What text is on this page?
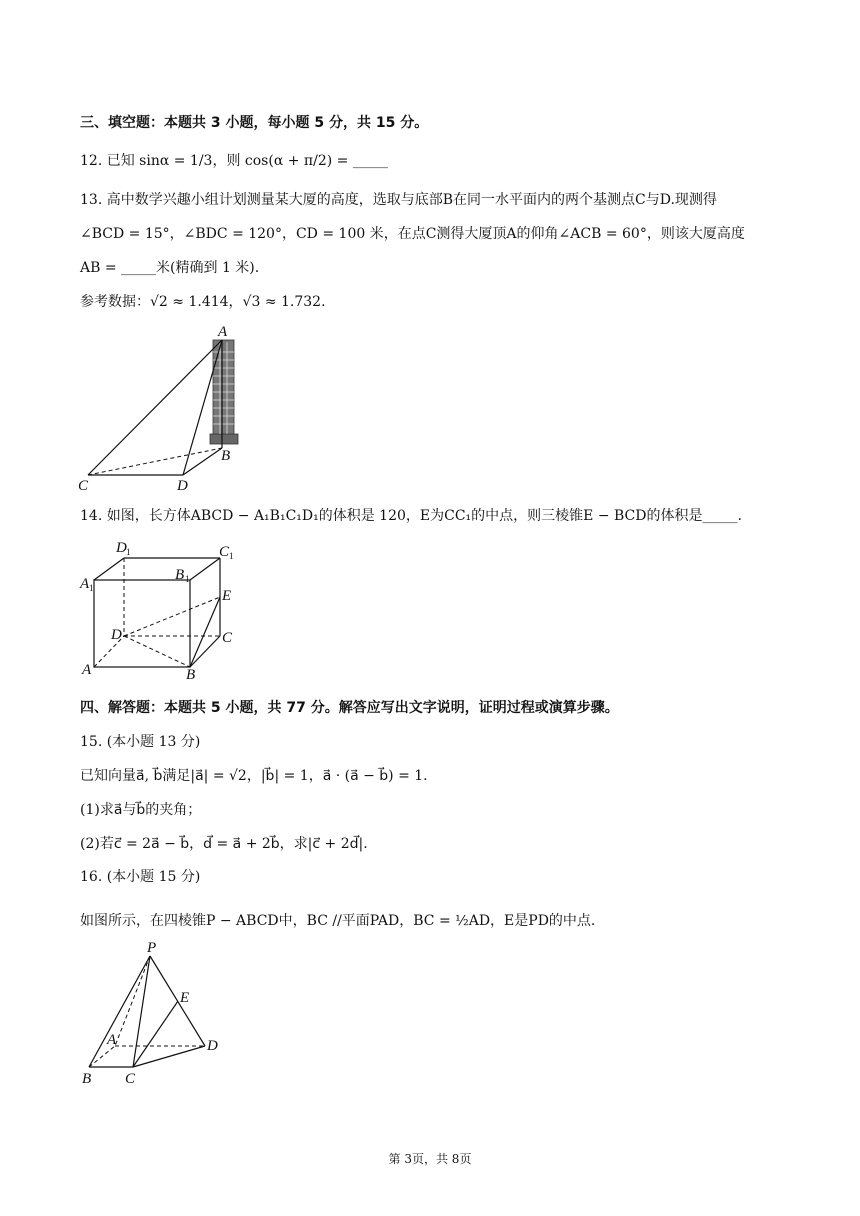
三、填空题：本题共 3 小题，每小题 5 分，共 15 分。
12. 已知 sinα = 1/3，则 cos(α + π/2) = _____
13. 高中数学兴趣小组计划测量某大厦的高度，选取与底部B在同一水平面内的两个基测点C与D.现测得
∠BCD = 15°，∠BDC = 120°，CD = 100 米，在点C测得大厦顶A的仰角∠ACB = 60°，则该大厦高度
AB = _____米(精确到 1 米).
参考数据：√2 ≈ 1.414，√3 ≈ 1.732.
A
B
C	D
14. 如图，长方体ABCD − A₁B₁C₁D₁的体积是 120，E为CC₁的中点，则三棱锥E − BCD的体积是_____.
D 1	C 1
A 1
B 1
E
D	C
A	B
四、解答题：本题共 5 小题，共 77 分。解答应写出文字说明，证明过程或演算步骤。
15. (本小题 13 分)
已知向量a⃗, b⃗满足|a⃗| = √2，|b⃗| = 1，a⃗ · (a⃗ − b⃗) = 1.
(1)求a⃗与b⃗的夹角；
(2)若c⃗ = 2a⃗ − b⃗，d⃗ = a⃗ + 2b⃗，求|c⃗ + 2d⃗|.
16. (本小题 15 分)
如图所示，在四棱锥P − ABCD中，BC //平面PAD，BC = ½AD，E是PD的中点.
P
E
A	D
B C
第 3页，共 8页
